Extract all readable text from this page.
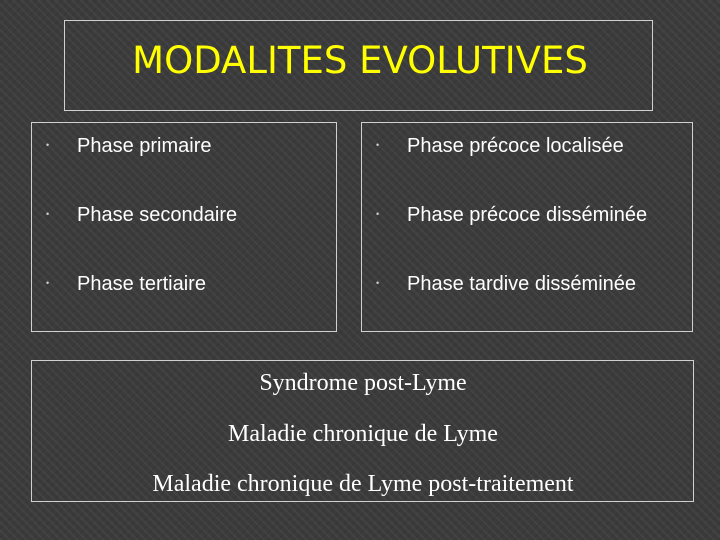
MODALITES EVOLUTIVES
• Phase primaire
• Phase secondaire
• Phase tertiaire
• Phase précoce localisée
• Phase précoce disséminée
• Phase tardive disséminée
Syndrome post-Lyme
Maladie chronique de Lyme
Maladie chronique de Lyme post-traitement
